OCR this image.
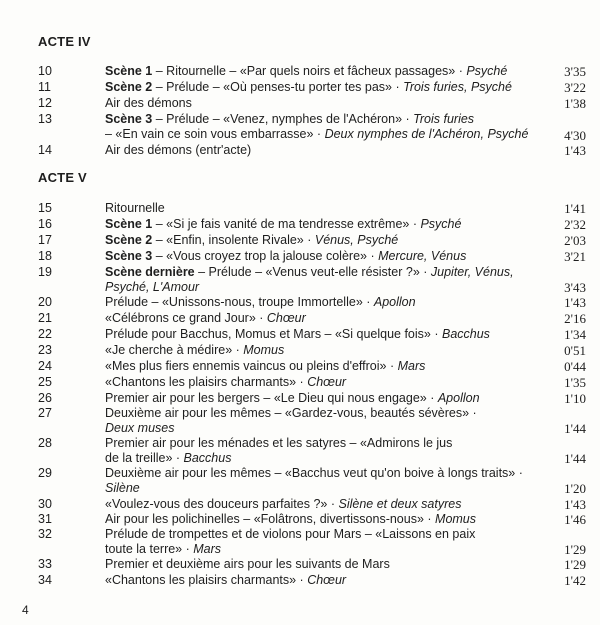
ACTE IV
10	Scène 1 – Ritournelle – «Par quels noirs et fâcheux passages» · Psyché	3'35
11	Scène 2 – Prélude – «Où penses-tu porter tes pas» · Trois furies, Psyché	3'22
12	Air des démons	1'38
13	Scène 3 – Prélude – «Venez, nymphes de l'Achéron» · Trois furies
– «En vain ce soin vous embarrasse» · Deux nymphes de l'Achéron, Psyché	4'30
14	Air des démons (entr'acte)	1'43
ACTE V
15	Ritournelle	1'41
16	Scène 1 – «Si je fais vanité de ma tendresse extrême» · Psyché	2'32
17	Scène 2 – «Enfin, insolente Rivale» · Vénus, Psyché	2'03
18	Scène 3 – «Vous croyez trop la jalouse colère» · Mercure, Vénus	3'21
19	Scène dernière – Prélude – «Venus veut-elle résister ?» · Jupiter, Vénus,
Psyché, L'Amour	3'43
20	Prélude – «Unissons-nous, troupe Immortelle» · Apollon	1'43
21	«Célébrons ce grand Jour» · Chœur	2'16
22	Prélude pour Bacchus, Momus et Mars – «Si quelque fois» · Bacchus	1'34
23	«Je cherche à médire» · Momus	0'51
24	«Mes plus fiers ennemis vaincus ou pleins d'effroi» · Mars	0'44
25	«Chantons les plaisirs charmants» · Chœur	1'35
26	Premier air pour les bergers – «Le Dieu qui nous engage» · Apollon	1'10
27	Deuxième air pour les mêmes – «Gardez-vous, beautés sévères» ·
Deux muses	1'44
28	Premier air pour les ménades et les satyres – «Admirons le jus
de la treille» · Bacchus	1'44
29	Deuxième air pour les mêmes – «Bacchus veut qu'on boive à longs traits» ·
Silène	1'20
30	«Voulez-vous des douceurs parfaites ?» · Silène et deux satyres	1'43
31	Air pour les polichinelles – «Folâtrons, divertissons-nous» · Momus	1'46
32	Prélude de trompettes et de violons pour Mars – «Laissons en paix
toute la terre» · Mars	1'29
33	Premier et deuxième airs pour les suivants de Mars	1'29
34	«Chantons les plaisirs charmants» · Chœur	1'42
4
